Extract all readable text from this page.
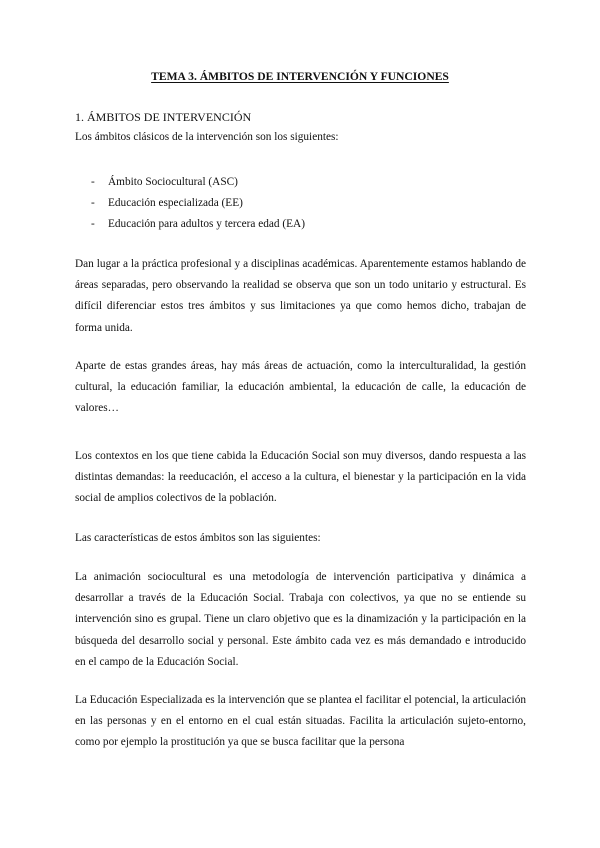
TEMA 3. ÁMBITOS DE INTERVENCIÓN Y FUNCIONES
1. ÁMBITOS DE INTERVENCIÓN
Los ámbitos clásicos de la intervención son los siguientes:
- Ámbito Sociocultural (ASC)
- Educación especializada (EE)
- Educación para adultos y tercera edad (EA)

Dan lugar a la práctica profesional y a disciplinas académicas. Aparentemente estamos hablando de áreas separadas, pero observando la realidad se observa que son un todo unitario y estructural. Es difícil diferenciar estos tres ámbitos y sus limitaciones ya que como hemos dicho, trabajan de forma unida.

Aparte de estas grandes áreas, hay más áreas de actuación, como la interculturalidad, la gestión cultural, la educación familiar, la educación ambiental, la educación de calle, la educación de valores…

Los contextos en los que tiene cabida la Educación Social son muy diversos, dando respuesta a las distintas demandas: la reeducación, el acceso a la cultura, el bienestar y la participación en la vida social de amplios colectivos de la población.

Las características de estos ámbitos son las siguientes:

La animación sociocultural es una metodología de intervención participativa y dinámica a desarrollar a través de la Educación Social. Trabaja con colectivos, ya que no se entiende su intervención sino es grupal. Tiene un claro objetivo que es la dinamización y la participación en la búsqueda del desarrollo social y personal. Este ámbito cada vez es más demandado e introducido en el campo de la Educación Social.

La Educación Especializada es la intervención que se plantea el facilitar el potencial, la articulación en las personas y en el entorno en el cual están situadas. Facilita la articulación sujeto-entorno, como por ejemplo la prostitución ya que se busca facilitar que la persona
